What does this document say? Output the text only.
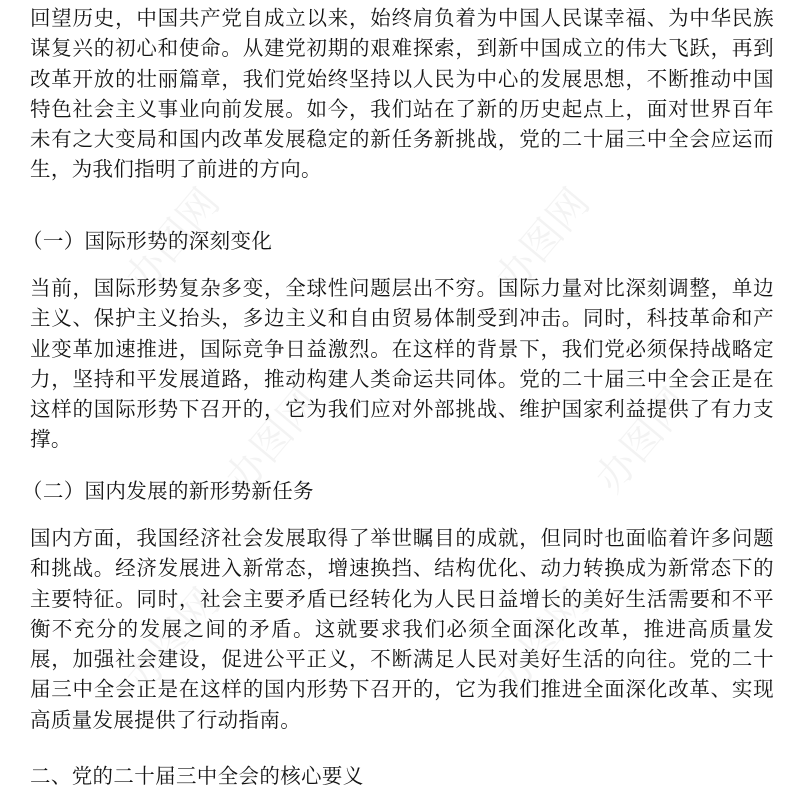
回望历史，中国共产党自成立以来，始终肩负着为中国人民谋幸福、为中华民族谋复兴的初心和使命。从建党初期的艰难探索，到新中国成立的伟大飞跃，再到改革开放的壮丽篇章，我们党始终坚持以人民为中心的发展思想，不断推动中国特色社会主义事业向前发展。如今，我们站在了新的历史起点上，面对世界百年未有之大变局和国内改革发展稳定的新任务新挑战，党的二十届三中全会应运而生，为我们指明了前进的方向。

（一）国际形势的深刻变化

当前，国际形势复杂多变，全球性问题层出不穷。国际力量对比深刻调整，单边主义、保护主义抬头，多边主义和自由贸易体制受到冲击。同时，科技革命和产业变革加速推进，国际竞争日益激烈。在这样的背景下，我们党必须保持战略定力，坚持和平发展道路，推动构建人类命运共同体。党的二十届三中全会正是在这样的国际形势下召开的，它为我们应对外部挑战、维护国家利益提供了有力支撑。

（二）国内发展的新形势新任务

国内方面，我国经济社会发展取得了举世瞩目的成就，但同时也面临着许多问题和挑战。经济发展进入新常态，增速换挡、结构优化、动力转换成为新常态下的主要特征。同时，社会主要矛盾已经转化为人民日益增长的美好生活需要和不平衡不充分的发展之间的矛盾。这就要求我们必须全面深化改革，推进高质量发展，加强社会建设，促进公平正义，不断满足人民对美好生活的向往。党的二十届三中全会正是在这样的国内形势下召开的，它为我们推进全面深化改革、实现高质量发展提供了行动指南。

二、党的二十届三中全会的核心要义
